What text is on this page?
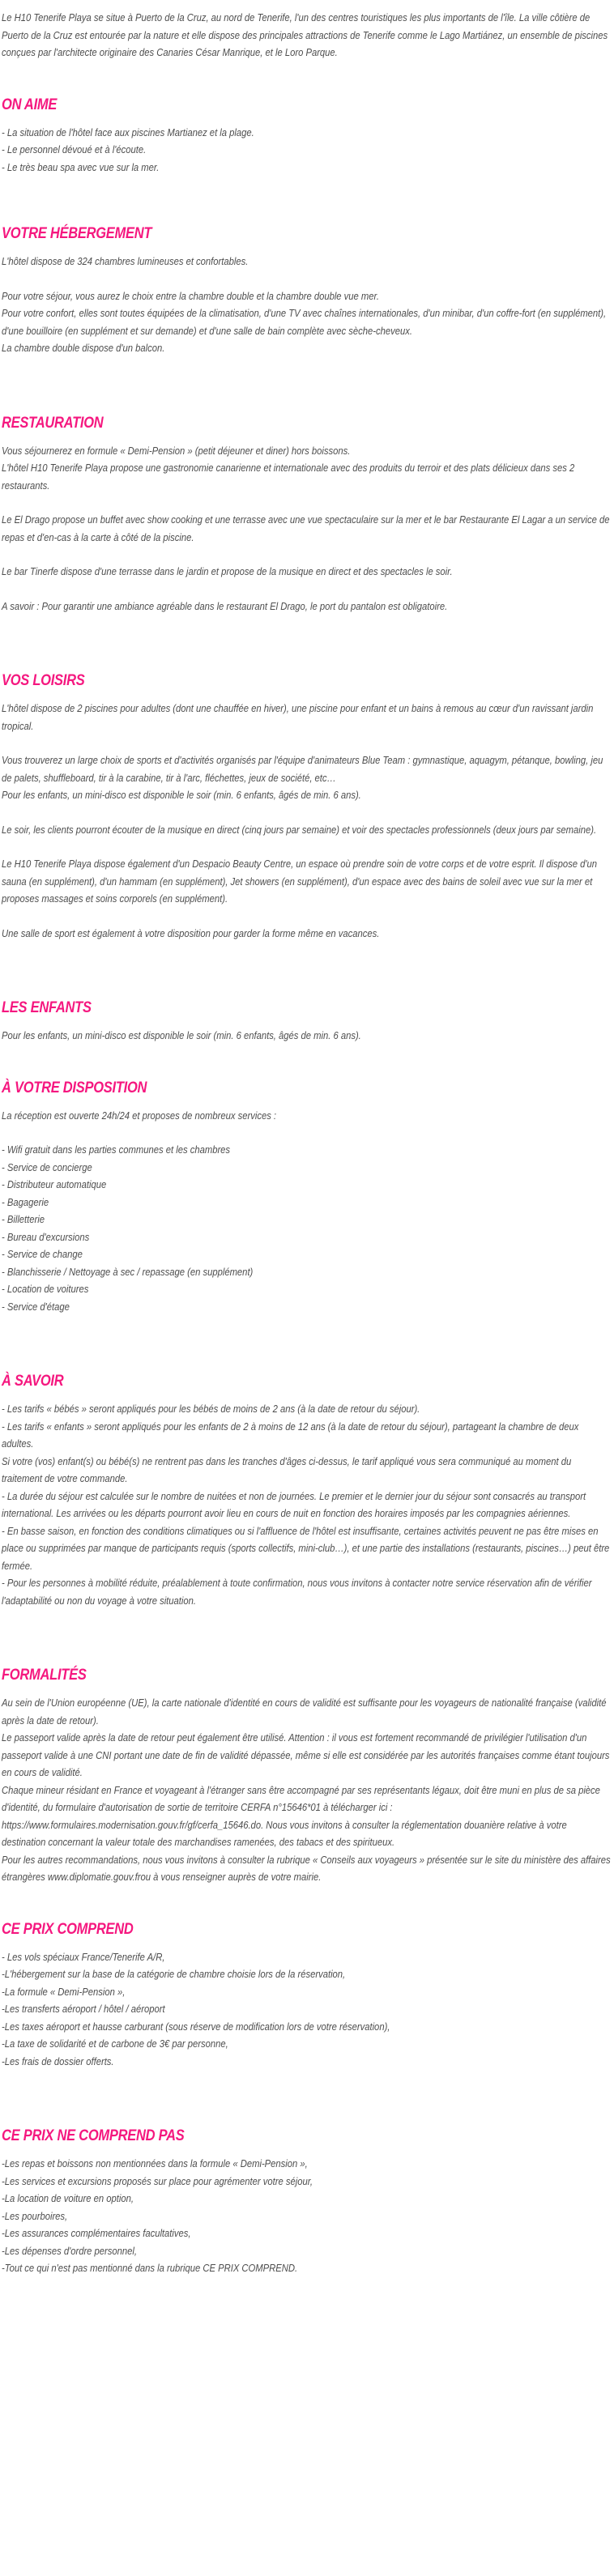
Le H10 Tenerife Playa se situe à Puerto de la Cruz, au nord de Tenerife, l'un des centres touristiques les plus importants de l'île. La ville côtière de Puerto de la Cruz est entourée par la nature et elle dispose des principales attractions de Tenerife comme le Lago Martiánez, un ensemble de piscines conçues par l'architecte originaire des Canaries César Manrique, et le Loro Parque.

ON AIME

- La situation de l'hôtel face aux piscines Martianez et la plage.

- Le personnel dévoué et à l'écoute.

- Le très beau spa avec vue sur la mer.

VOTRE HÉBERGEMENT

L'hôtel dispose de 324 chambres lumineuses et confortables.

Pour votre séjour, vous aurez le choix entre la chambre double et la chambre double vue mer.

Pour votre confort, elles sont toutes équipées de la climatisation, d'une TV avec chaînes internationales, d'un minibar, d'un coffre-fort (en supplément), d'une bouilloire (en supplément et sur demande) et d'une salle de bain complète avec sèche-cheveux.

La chambre double dispose d'un balcon.

RESTAURATION

Vous séjournerez en formule « Demi-Pension » (petit déjeuner et diner) hors boissons.

L'hôtel H10 Tenerife Playa propose une gastronomie canarienne et internationale avec des produits du terroir et des plats délicieux dans ses 2 restaurants.

Le El Drago propose un buffet avec show cooking et une terrasse avec une vue spectaculaire sur la mer et le bar Restaurante El Lagar a un service de repas et d'en-cas à la carte à côté de la piscine.

Le bar Tinerfe dispose d'une terrasse dans le jardin et propose de la musique en direct et des spectacles le soir.

A savoir : Pour garantir une ambiance agréable dans le restaurant El Drago, le port du pantalon est obligatoire.

VOS LOISIRS

L'hôtel dispose de 2 piscines pour adultes (dont une chauffée en hiver), une piscine pour enfant et un bains à remous au cœur d'un ravissant jardin tropical.

Vous trouverez un large choix de sports et d'activités organisés par l'équipe d'animateurs Blue Team : gymnastique, aquagym, pétanque, bowling, jeu de palets, shuffleboard, tir à la carabine, tir à l'arc, fléchettes, jeux de société, etc…

Pour les enfants, un mini-disco est disponible le soir (min. 6 enfants, âgés de min. 6 ans).

Le soir, les clients pourront écouter de la musique en direct (cinq jours par semaine) et voir des spectacles professionnels (deux jours par semaine).

Le H10 Tenerife Playa dispose également d'un Despacio Beauty Centre, un espace où prendre soin de votre corps et de votre esprit. Il dispose d'un sauna (en supplément), d'un hammam (en supplément), Jet showers (en supplément), d'un espace avec des bains de soleil avec vue sur la mer et proposes massages et soins corporels (en supplément).

Une salle de sport est également à votre disposition pour garder la forme même en vacances.

LES ENFANTS

Pour les enfants, un mini-disco est disponible le soir (min. 6 enfants, âgés de min. 6 ans).

À VOTRE DISPOSITION

La réception est ouverte 24h/24 et proposes de nombreux services :

- Wifi gratuit dans les parties communes et les chambres

- Service de concierge

- Distributeur automatique

- Bagagerie

- Billetterie

- Bureau d'excursions

- Service de change

- Blanchisserie / Nettoyage à sec / repassage (en supplément)

- Location de voitures

- Service d'étage

À SAVOIR

- Les tarifs « bébés » seront appliqués pour les bébés de moins de 2 ans (à la date de retour du séjour).

- Les tarifs « enfants » seront appliqués pour les enfants de 2 à moins de 12 ans (à la date de retour du séjour), partageant la chambre de deux adultes.

Si votre (vos) enfant(s) ou bébé(s) ne rentrent pas dans les tranches d'âges ci-dessus, le tarif appliqué vous sera communiqué au moment du traitement de votre commande.

- La durée du séjour est calculée sur le nombre de nuitées et non de journées. Le premier et le dernier jour du séjour sont consacrés au transport international. Les arrivées ou les départs pourront avoir lieu en cours de nuit en fonction des horaires imposés par les compagnies aériennes.

- En basse saison, en fonction des conditions climatiques ou si l'affluence de l'hôtel est insuffisante, certaines activités peuvent ne pas être mises en place ou supprimées par manque de participants requis (sports collectifs, mini-club…), et une partie des installations (restaurants, piscines…) peut être fermée.

- Pour les personnes à mobilité réduite, préalablement à toute confirmation, nous vous invitons à contacter notre service réservation afin de vérifier l'adaptabilité ou non du voyage à votre situation.

FORMALITÉS

Au sein de l'Union européenne (UE), la carte nationale d'identité en cours de validité est suffisante pour les voyageurs de nationalité française (validité après la date de retour).

Le passeport valide après la date de retour peut également être utilisé. Attention : il vous est fortement recommandé de privilégier l'utilisation d'un passeport valide à une CNI portant une date de fin de validité dépassée, même si elle est considérée par les autorités françaises comme étant toujours en cours de validité.

Chaque mineur résidant en France et voyageant à l'étranger sans être accompagné par ses représentants légaux, doit être muni en plus de sa pièce d'identité, du formulaire d'autorisation de sortie de territoire CERFA n°15646*01 à télécharger ici :

https://www.formulaires.modernisation.gouv.fr/gf/cerfa_15646.do. Nous vous invitons à consulter la réglementation douanière relative à votre destination concernant la valeur totale des marchandises ramenées, des tabacs et des spiritueux.

Pour les autres recommandations, nous vous invitons à consulter la rubrique « Conseils aux voyageurs » présentée sur le site du ministère des affaires étrangères www.diplomatie.gouv.frou à vous renseigner auprès de votre mairie.

CE PRIX COMPREND

- Les vols spéciaux France/Tenerife A/R,

-L'hébergement sur la base de la catégorie de chambre choisie lors de la réservation,

-La formule « Demi-Pension »,

-Les transferts aéroport / hôtel / aéroport

-Les taxes aéroport et hausse carburant (sous réserve de modification lors de votre réservation),

-La taxe de solidarité et de carbone de 3€ par personne,

-Les frais de dossier offerts.

CE PRIX NE COMPREND PAS

-Les repas et boissons non mentionnées dans la formule « Demi-Pension »,

-Les services et excursions proposés sur place pour agrémenter votre séjour,

-La location de voiture en option,

-Les pourboires,

-Les assurances complémentaires facultatives,

-Les dépenses d'ordre personnel,

-Tout ce qui n'est pas mentionné dans la rubrique CE PRIX COMPREND.
